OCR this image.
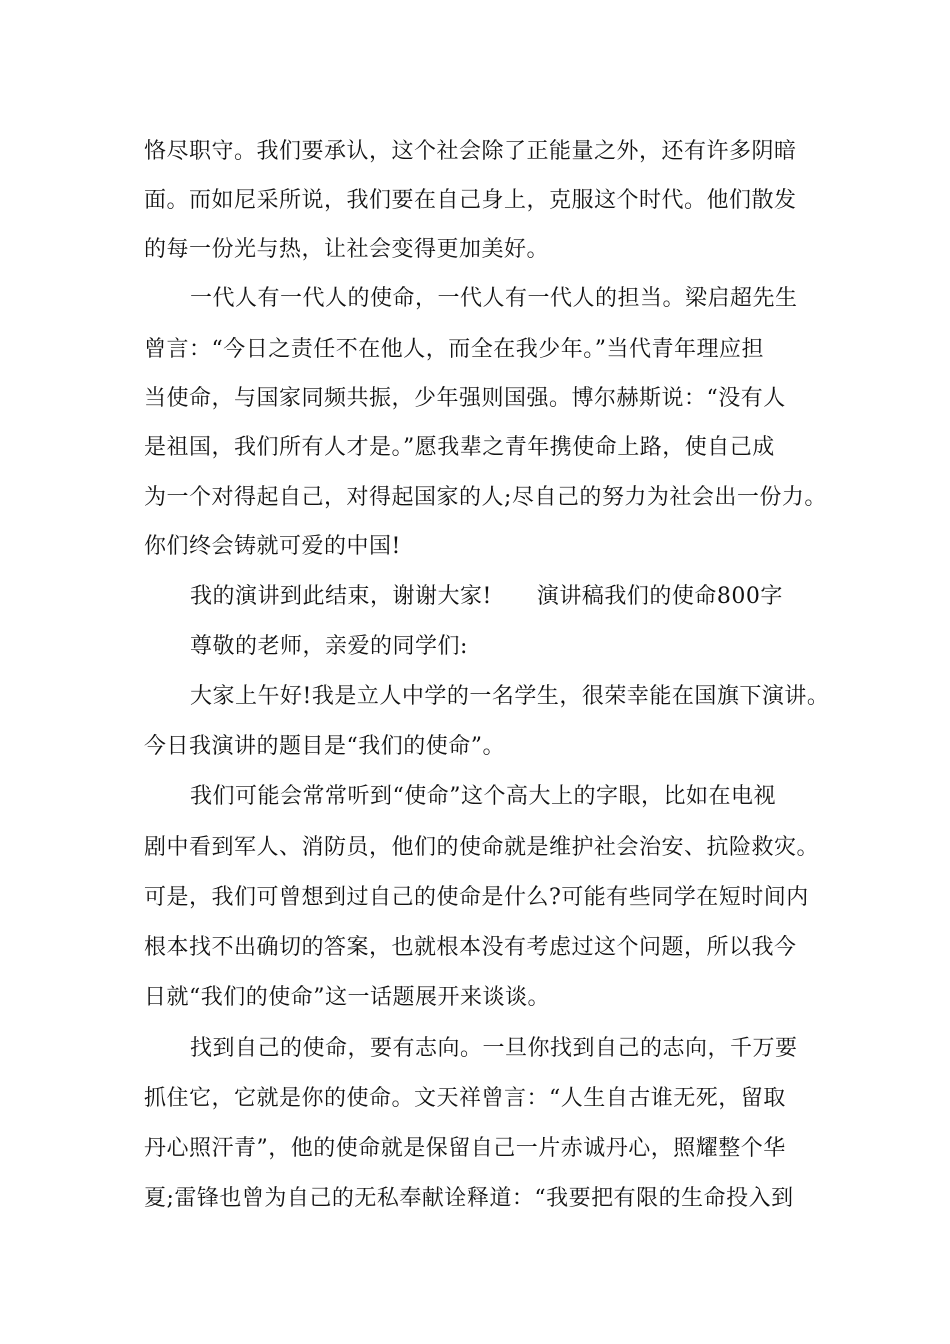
恪尽职守。我们要承认，这个社会除了正能量之外，还有许多阴暗
面。而如尼采所说，我们要在自己身上，克服这个时代。他们散发
的每一份光与热，让社会变得更加美好。
一代人有一代人的使命，一代人有一代人的担当。梁启超先生
曾言：“今日之责任不在他人，而全在我少年。”当代青年理应担
当使命，与国家同频共振，少年强则国强。博尔赫斯说：“没有人
是祖国，我们所有人才是。”愿我辈之青年携使命上路，使自己成
为一个对得起自己，对得起国家的人;尽自己的努力为社会出一份力。
你们终会铸就可爱的中国!
我的演讲到此结束，谢谢大家!　　演讲稿我们的使命800字
尊敬的老师，亲爱的同学们:
大家上午好!我是立人中学的一名学生，很荣幸能在国旗下演讲。
今日我演讲的题目是“我们的使命”。
我们可能会常常听到“使命”这个高大上的字眼，比如在电视
剧中看到军人、消防员，他们的使命就是维护社会治安、抗险救灾。
可是，我们可曾想到过自己的使命是什么?可能有些同学在短时间内
根本找不出确切的答案，也就根本没有考虑过这个问题，所以我今
日就“我们的使命”这一话题展开来谈谈。
找到自己的使命，要有志向。一旦你找到自己的志向，千万要
抓住它，它就是你的使命。文天祥曾言：“人生自古谁无死，留取
丹心照汗青”，他的使命就是保留自己一片赤诚丹心，照耀整个华
夏;雷锋也曾为自己的无私奉献诠释道：“我要把有限的生命投入到
